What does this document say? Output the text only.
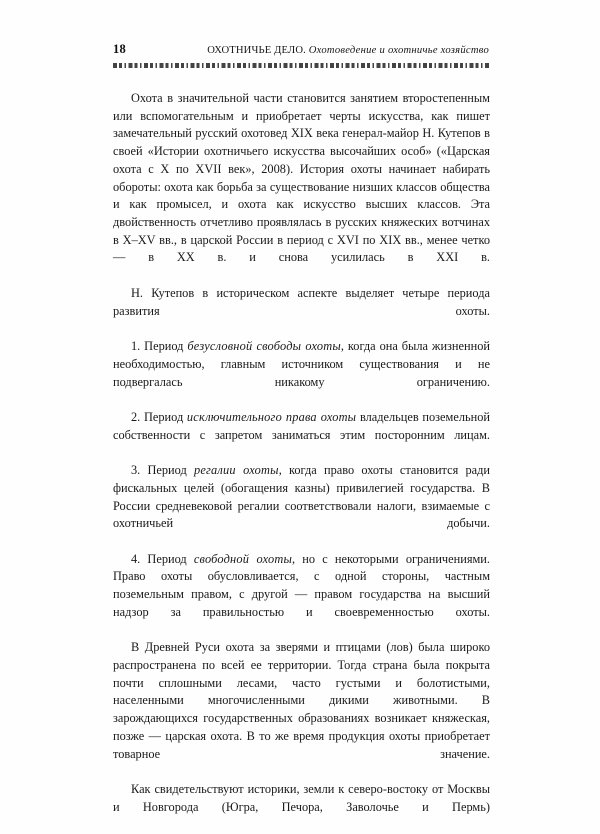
18	ОХОТНИЧЬЕ ДЕЛО. Охотоведение и охотничье хозяйство

Охота в значительной части становится занятием второстепенным или вспомогательным и приобретает черты искусства, как пишет замечательный русский охотовед XIX века генерал-майор Н. Кутепов в своей «Истории охотничьего искусства высочайших особ» («Царская охота с X по XVII век», 2008). История охоты начинает набирать обороты: охота как борьба за существование низших классов общества и как промысел, и охота как искусство высших классов. Эта двойственность отчетливо проявлялась в русских княжеских вотчинах в X–XV вв., в царской России в период с XVI по XIX вв., менее четко — в XX в. и снова усилилась в XXI в.

Н. Кутепов в историческом аспекте выделяет четыре периода развития охоты.

1. Период безусловной свободы охоты, когда она была жизненной необходимостью, главным источником существования и не подвергалась никакому ограничению.

2. Период исключительного права охоты владельцев поземельной собственности с запретом заниматься этим посторонним лицам.

3. Период регалии охоты, когда право охоты становится ради фискальных целей (обогащения казны) привилегией государства. В России средневековой регалии соответствовали налоги, взимаемые с охотничьей добычи.

4. Период свободной охоты, но с некоторыми ограничениями. Право охоты обусловливается, с одной стороны, частным поземельным правом, с другой — правом государства на высший надзор за правильностью и своевременностью охоты.

В Древней Руси охота за зверями и птицами (лов) была широко распространена по всей ее территории. Тогда страна была покрыта почти сплошными лесами, часто густыми и болотистыми, населенными многочисленными дикими животными. В зарождающихся государственных образованиях возникает княжеская, позже — царская охота. В то же время продукция охоты приобретает товарное значение.

Как свидетельствуют историки, земли к северо-востоку от Москвы и Новгорода (Югра, Печора, Заволочье и Пермь)
